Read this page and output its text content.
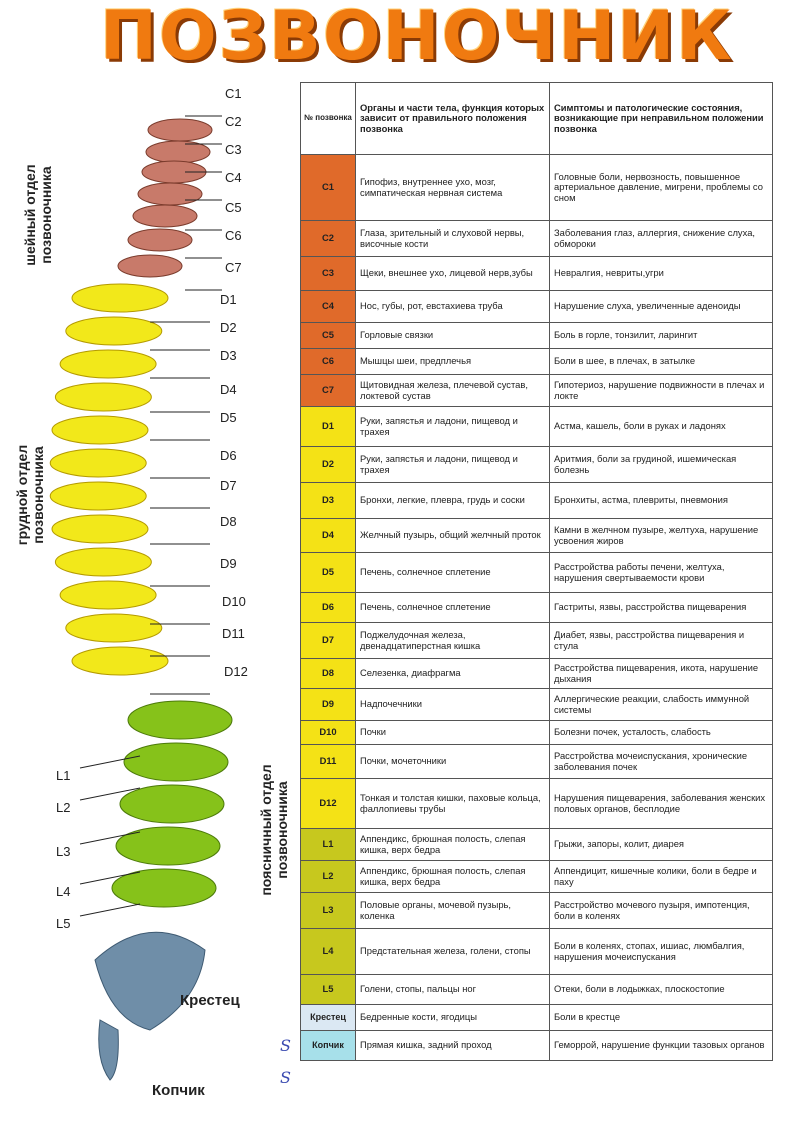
ПОЗВОНОЧНИК
шейный отдел позвоночника
грудной отдел позвоночника
поясничный отдел позвоночника
Крестец
Копчик
C1
C2
C3
C4
C5
C6
C7
D1
D2
D3
D4
D5
D6
D7
D8
D9
D10
D11
D12
L1
L2
L3
L4
L5
S
S
№ позвонка	Органы и части тела, функция которых зависит от правильного положения позвонка	Симптомы и патологические состояния, возникающие при неправильном положении позвонка
C1	Гипофиз, внутреннее ухо, мозг, симпатическая нервная система	Головные боли, нервозность, повышенное артериальное давление, мигрени, проблемы со сном
C2	Глаза, зрительный и слуховой нервы, височные кости	Заболевания глаз, аллергия, снижение слуха, обмороки
C3	Щеки, внешнее ухо, лицевой нерв,зубы	Невралгия, невриты,угри
C4	Нос, губы, рот, евстахиева труба	Нарушение слуха, увеличенные аденоиды
C5	Горловые связки	Боль в горле, тонзилит, ларингит
C6	Мышцы шеи, предплечья	Боли в шее, в плечах, в затылке
C7	Щитовидная железа, плечевой сустав, локтевой сустав	Гипотериоз, нарушение подвижности в плечах и локте
D1	Руки, запястья и ладони, пищевод и трахея	Астма, кашель, боли в руках и ладонях
D2	Руки, запястья и ладони, пищевод и трахея	Аритмия, боли за грудиной, ишемическая болезнь
D3	Бронхи, легкие, плевра, грудь и соски	Бронхиты, астма, плевриты, пневмония
D4	Желчный пузырь, общий желчный проток	Камни в желчном пузыре, желтуха, нарушение усвоения жиров
D5	Печень, солнечное сплетение	Расстройства работы печени, желтуха, нарушения свертываемости крови
D6	Печень, солнечное сплетение	Гастриты, язвы, расстройства пищеварения
D7	Поджелудочная железа, двенадцатиперстная кишка	Диабет, язвы, расстройства пищеварения и стула
D8	Селезенка, диафрагма	Расстройства пищеварения, икота, нарушение дыхания
D9	Надпочечники	Аллергические реакции, слабость иммунной системы
D10	Почки	Болезни почек, усталость, слабость
D11	Почки, мочеточники	Расстройства мочеиспускания, хронические заболевания почек
D12	Тонкая и толстая кишки, паховые кольца, фаллопиевы трубы	Нарушения пищеварения, заболевания женских половых органов, бесплодие
L1	Аппендикс, брюшная полость, слепая кишка, верх бедра	Грыжи, запоры, колит, диарея
L2	Аппендикс, брюшная полость, слепая кишка, верх бедра	Аппендицит, кишечные колики, боли в бедре и паху
L3	Половые органы, мочевой пузырь, коленка	Расстройство мочевого пузыря, импотенция, боли в коленях
L4	Предстательная железа, голени, стопы	Боли в коленях, стопах, ишиас, люмбалгия, нарушения мочеиспускания
L5	Голени, стопы, пальцы ног	Отеки, боли в лодыжках, плоскостопие
Крестец	Бедренные кости, ягодицы	Боли в крестце
Копчик	Прямая кишка, задний проход	Геморрой, нарушение функции тазовых органов
